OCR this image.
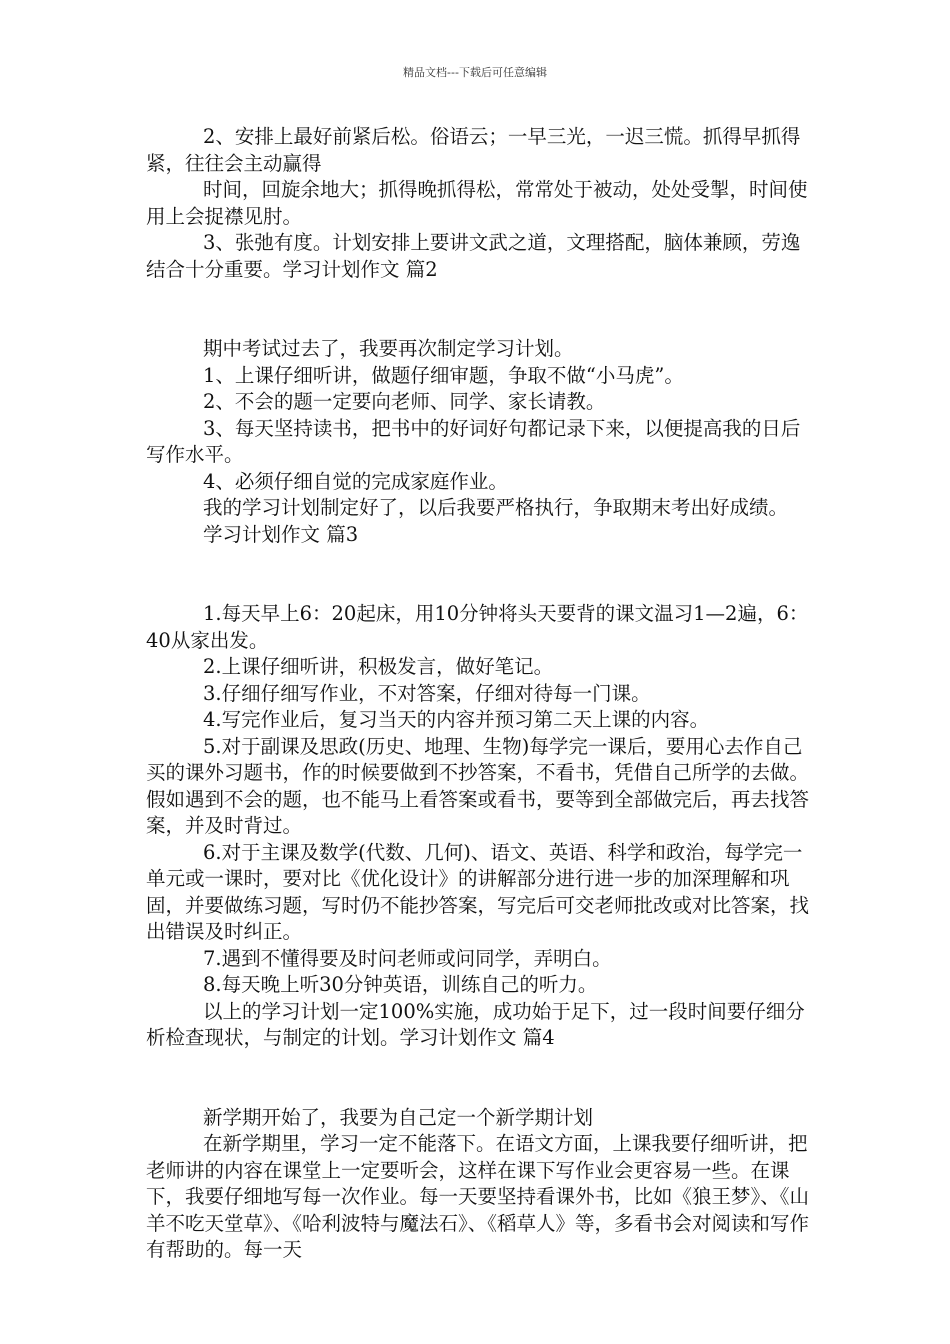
精品文档---下载后可任意编辑

2、安排上最好前紧后松。俗语云；一早三光，一迟三慌。抓得早抓得紧，往往会主动赢得

时间，回旋余地大；抓得晚抓得松，常常处于被动，处处受掣，时间使用上会捉襟见肘。

3、张弛有度。计划安排上要讲文武之道，文理搭配，脑体兼顾，劳逸结合十分重要。学习计划作文 篇2

期中考试过去了，我要再次制定学习计划。

1、上课仔细听讲，做题仔细审题，争取不做“小马虎”。

2、不会的题一定要向老师、同学、家长请教。

3、每天坚持读书，把书中的好词好句都记录下来，以便提高我的日后写作水平。

4、必须仔细自觉的完成家庭作业。

我的学习计划制定好了，以后我要严格执行，争取期末考出好成绩。

学习计划作文 篇3

1.每天早上6：20起床，用10分钟将头天要背的课文温习1—2遍，6：40从家出发。

2.上课仔细听讲，积极发言，做好笔记。

3.仔细仔细写作业，不对答案，仔细对待每一门课。

4.写完作业后，复习当天的内容并预习第二天上课的内容。

5.对于副课及思政(历史、地理、生物)每学完一课后，要用心去作自己买的课外习题书，作的时候要做到不抄答案，不看书，凭借自己所学的去做。假如遇到不会的题，也不能马上看答案或看书，要等到全部做完后，再去找答案，并及时背过。

6.对于主课及数学(代数、几何)、语文、英语、科学和政治，每学完一单元或一课时，要对比《优化设计》的讲解部分进行进一步的加深理解和巩固，并要做练习题，写时仍不能抄答案，写完后可交老师批改或对比答案，找出错误及时纠正。

7.遇到不懂得要及时问老师或问同学，弄明白。

8.每天晚上听30分钟英语，训练自己的听力。

以上的学习计划一定100%实施，成功始于足下，过一段时间要仔细分析检查现状，与制定的计划。学习计划作文 篇4

新学期开始了，我要为自己定一个新学期计划

在新学期里，学习一定不能落下。在语文方面，上课我要仔细听讲，把老师讲的内容在课堂上一定要听会，这样在课下写作业会更容易一些。在课下，我要仔细地写每一次作业。每一天要坚持看课外书，比如《狼王梦》、《山羊不吃天堂草》、《哈利波特与魔法石》、《稻草人》等，多看书会对阅读和写作有帮助的。每一天
